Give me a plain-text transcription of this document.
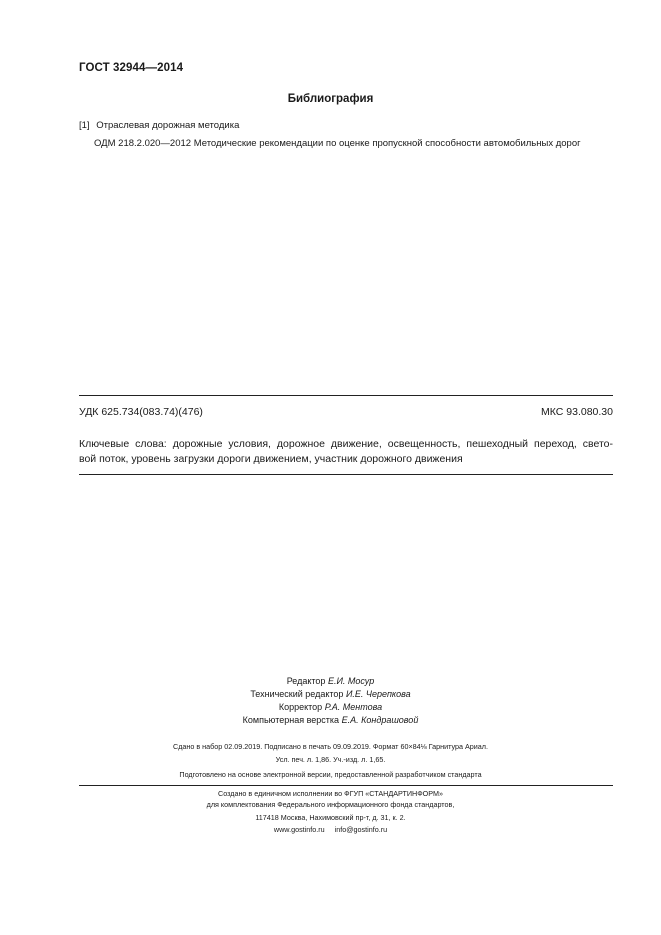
ГОСТ 32944—2014
Библиография
[1] Отраслевая дорожная методика
ОДМ 218.2.020—2012 Методические рекомендации по оценке пропускной способности автомобильных дорог
УДК 625.734(083.74)(476)	МКС 93.080.30
Ключевые слова: дорожные условия, дорожное движение, освещенность, пешеходный переход, свето-
вой поток, уровень загрузки дороги движением, участник дорожного движения
Редактор Е.И. Мосур
Технический редактор И.Е. Черепкова
Корректор Р.А. Ментова
Компьютерная верстка Е.А. Кондрашовой
Сдано в набор 02.09.2019. Подписано в печать 09.09.2019. Формат 60×84⅛ Гарнитура Ариал.
Усл. печ. л. 1,86. Уч.-изд. л. 1,65.
Подготовлено на основе электронной версии, предоставленной разработчиком стандарта
Создано в единичном исполнении во ФГУП «СТАНДАРТИНФОРМ»
для комплектования Федерального информационного фонда стандартов,
117418 Москва, Нахимовский пр-т, д. 31, к. 2.
www.gostinfo.ru info@gostinfo.ru
